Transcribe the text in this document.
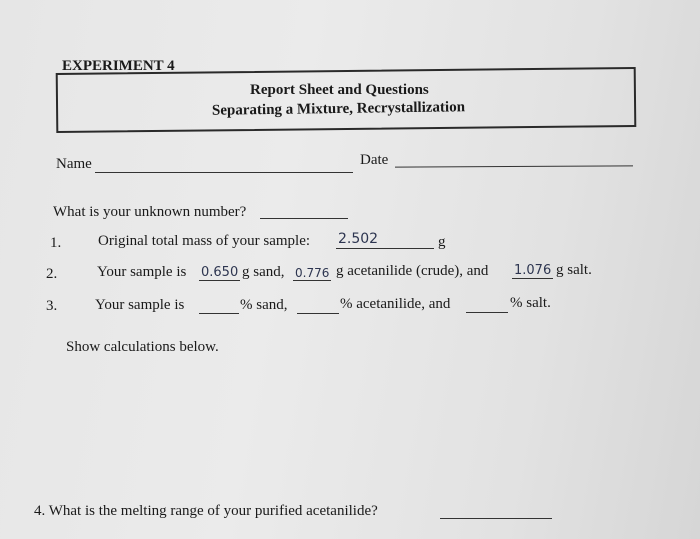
EXPERIMENT 4
Report Sheet and Questions
Separating a Mixture, Recrystallization
Name	Date
What is your unknown number?
1. Original total mass of your sample: 2.502	g
2.	Your sample is 0.650 g sand, 0.776 g acetanilide (crude), and 1.076 g salt.
3.	Your sample is	% sand,	% acetanilide, and	% salt.
Show calculations below.
4. What is the melting range of your purified acetanilide?
